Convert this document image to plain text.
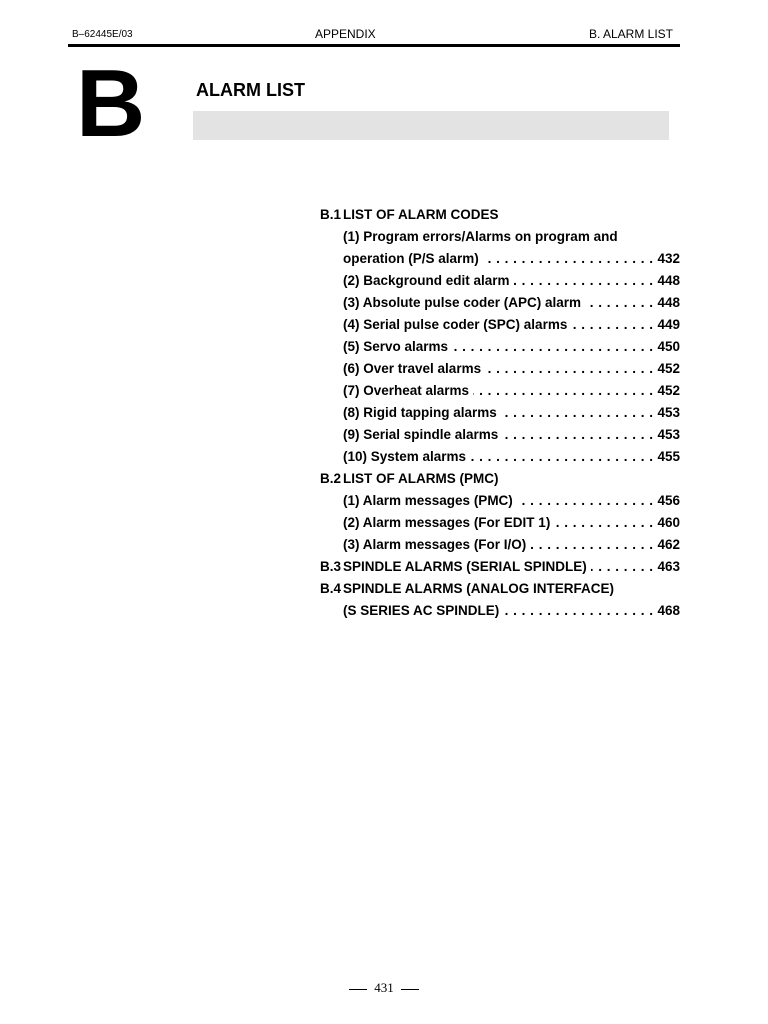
B–62445E/03	APPENDIX	B. ALARM LIST
B	ALARM LIST
B.1 LIST OF ALARM CODES
(1) Program errors/Alarms on program and
operation (P/S alarm) . . .	432
(2) Background edit alarm . . .	448
(3) Absolute pulse coder (APC) alarm . . .	448
(4) Serial pulse coder (SPC) alarms . . .	449
(5) Servo alarms . . .	450
(6) Over travel alarms . . .	452
(7) Overheat alarms . . .	452
(8) Rigid tapping alarms . . .	453
(9) Serial spindle alarms . . .	453
(10) System alarms . . .	455
B.2 LIST OF ALARMS (PMC)
(1) Alarm messages (PMC) . . .	456
(2) Alarm messages (For EDIT 1) . . .	460
(3) Alarm messages (For I/O) . . .	462
B.3 SPINDLE ALARMS (SERIAL SPINDLE) . . .	463
B.4 SPINDLE ALARMS (ANALOG INTERFACE)
(S SERIES AC SPINDLE) . . .	468
431
